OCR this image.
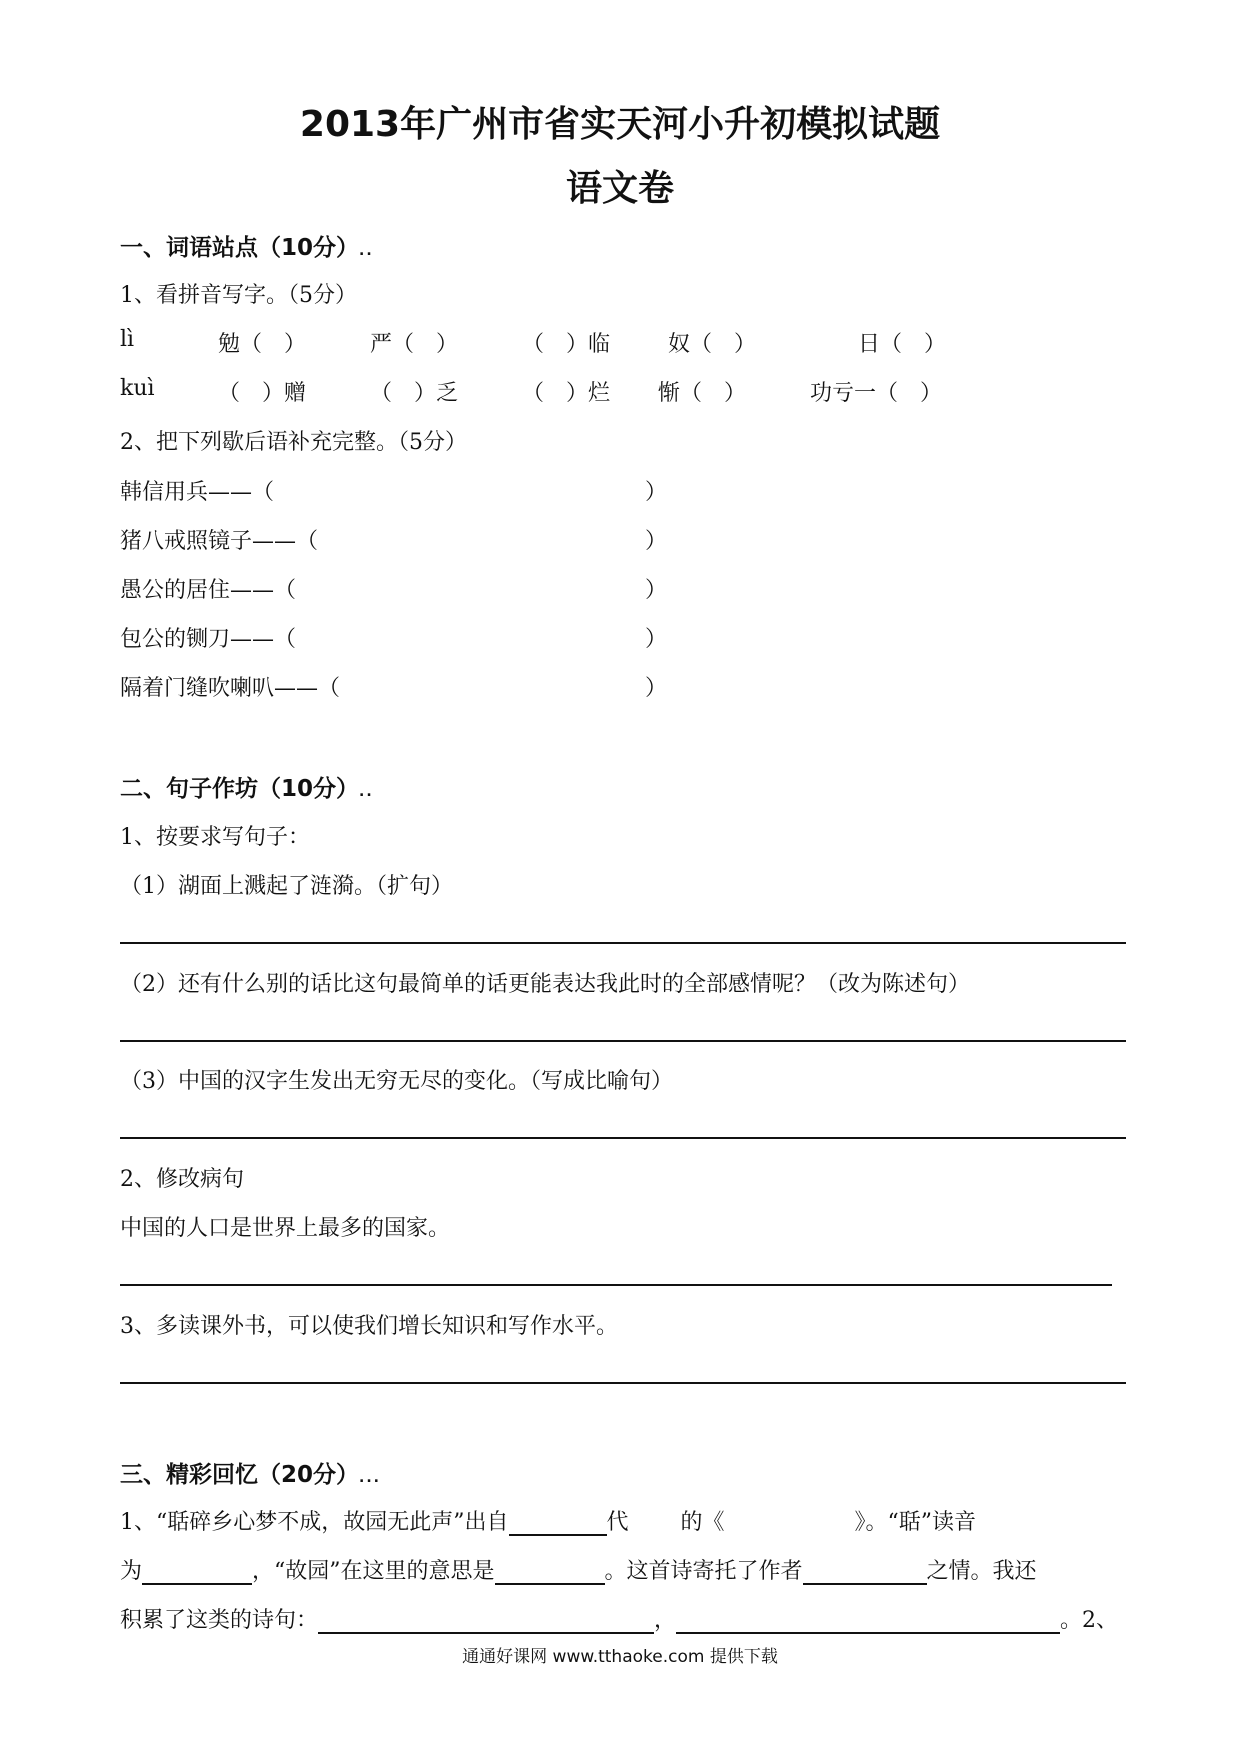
2013年广州市省实天河小升初模拟试题
语文卷
一、词语站点（10分）..
1、看拼音写字。（5分）
lì	勉（　）	严（　）	（　）临	奴（　）	日（　）
kuì	（　）赠	（　）乏	（　）烂 惭（　）	功亏一（　）
2、把下列歇后语补充完整。（5分）
韩信用兵——（	）
猪八戒照镜子——（	）
愚公的居住——（	）
包公的铡刀——（	）
隔着门缝吹喇叭——（	）
二、句子作坊（10分）..
1、按要求写句子：
（1）湖面上溅起了涟漪。（扩句）
（2）还有什么别的话比这句最简单的话更能表达我此时的全部感情呢？（改为陈述句）
（3）中国的汉字生发出无穷无尽的变化。（写成比喻句）
2、修改病句
中国的人口是世界上最多的国家。
3、多读课外书，可以使我们增长知识和写作水平。
三、精彩回忆（20分）...
1、“聒碎乡心梦不成，故园无此声”出自	代 的《	》。“聒”读音
为	，“故园”在这里的意思是	。这首诗寄托了作者	之情。我还
积累了这类的诗句：	，	。2、
通通好课网 www.tthaoke.com 提供下载
